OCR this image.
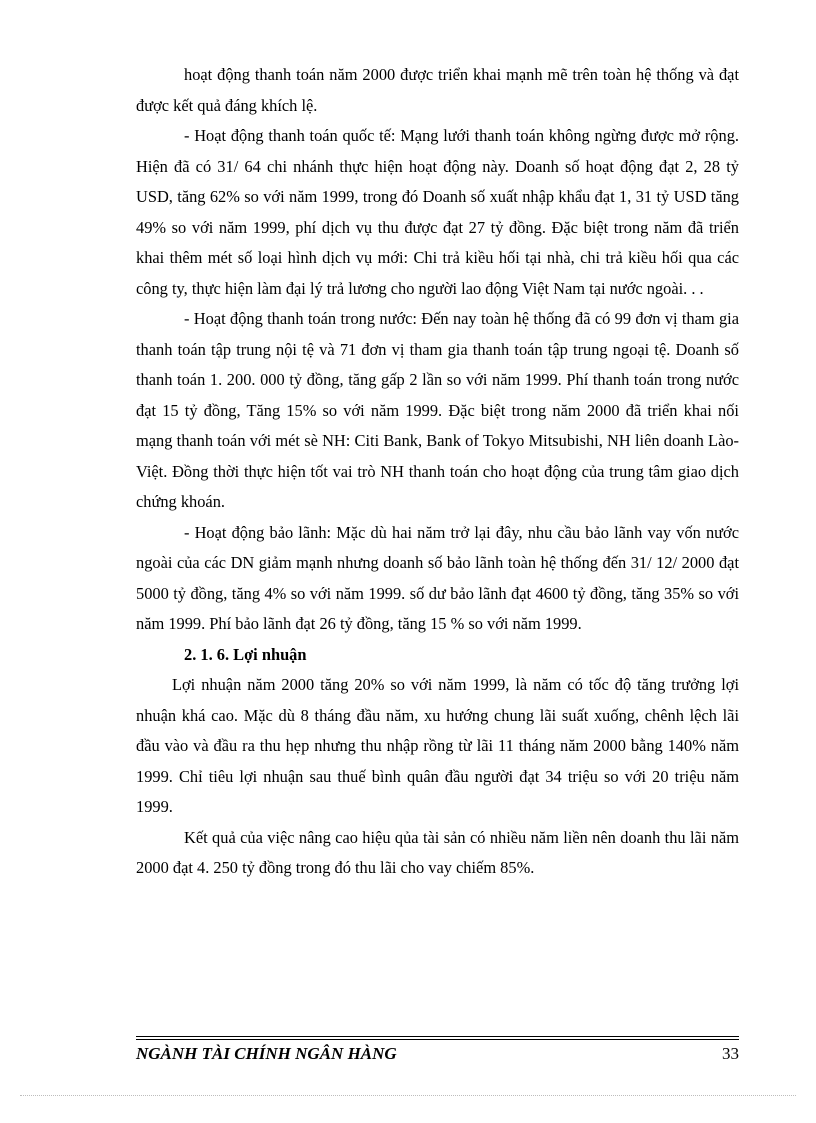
hoạt động thanh toán năm 2000 được triển khai mạnh mẽ trên toàn hệ thống và đạt được kết quả đáng khích lệ.

- Hoạt động thanh toán quốc tế: Mạng lưới thanh toán không ngừng được mở rộng. Hiện đã có 31/ 64 chi nhánh thực hiện hoạt động này. Doanh số hoạt động đạt 2, 28 tỷ USD, tăng 62% so với năm 1999, trong đó Doanh số xuất nhập khẩu đạt 1, 31 tỷ USD tăng 49% so với năm 1999, phí dịch vụ thu được đạt 27 tỷ đồng. Đặc biệt trong năm đã triển khai thêm mét số loại hình dịch vụ mới: Chi trả kiều hối tại nhà, chi trả kiều hối qua các công ty, thực hiện làm đại lý trả lương cho người lao động Việt Nam tại nước ngoài. . .

- Hoạt động thanh toán trong nước: Đến nay toàn hệ thống đã có 99 đơn vị tham gia thanh toán tập trung nội tệ và 71 đơn vị tham gia thanh toán tập trung ngoại tệ. Doanh số thanh toán 1. 200. 000 tỷ đồng, tăng gấp 2 lần so với năm 1999. Phí thanh toán trong nước đạt 15 tỷ đồng, Tăng 15% so với năm 1999. Đặc biệt trong năm 2000 đã triển khai nối mạng thanh toán với mét sè NH: Citi Bank, Bank of Tokyo Mitsubishi, NH liên doanh Lào- Việt. Đồng thời thực hiện tốt vai trò NH thanh toán cho hoạt động của trung tâm giao dịch chứng khoán.

- Hoạt động bảo lãnh: Mặc dù hai năm trở lại đây, nhu cầu bảo lãnh vay vốn nước ngoài của các DN giảm mạnh nhưng doanh số bảo lãnh toàn hệ thống đến 31/ 12/ 2000 đạt 5000 tỷ đồng, tăng 4% so với năm 1999. số dư bảo lãnh đạt 4600 tỷ đồng, tăng 35% so với năm 1999. Phí bảo lãnh đạt 26 tỷ đồng, tăng 15 % so với năm 1999.

2. 1. 6. Lợi nhuận

Lợi nhuận năm 2000 tăng 20% so với năm 1999, là năm có tốc độ tăng trưởng lợi nhuận khá cao. Mặc dù 8 tháng đầu năm, xu hướng chung lãi suất xuống, chênh lệch lãi đầu vào và đầu ra thu hẹp nhưng thu nhập rồng từ lãi 11 tháng năm 2000 bằng 140% năm 1999. Chỉ tiêu lợi nhuận sau thuế bình quân đầu người đạt 34 triệu so với 20 triệu năm 1999.

Kết quả của việc nâng cao hiệu qủa tài sản có nhiều năm liền nên doanh thu lãi năm 2000 đạt 4. 250 tỷ đồng trong đó thu lãi cho vay chiếm 85%.

NGÀNH TÀI CHÍNH NGÂN HÀNG	33
